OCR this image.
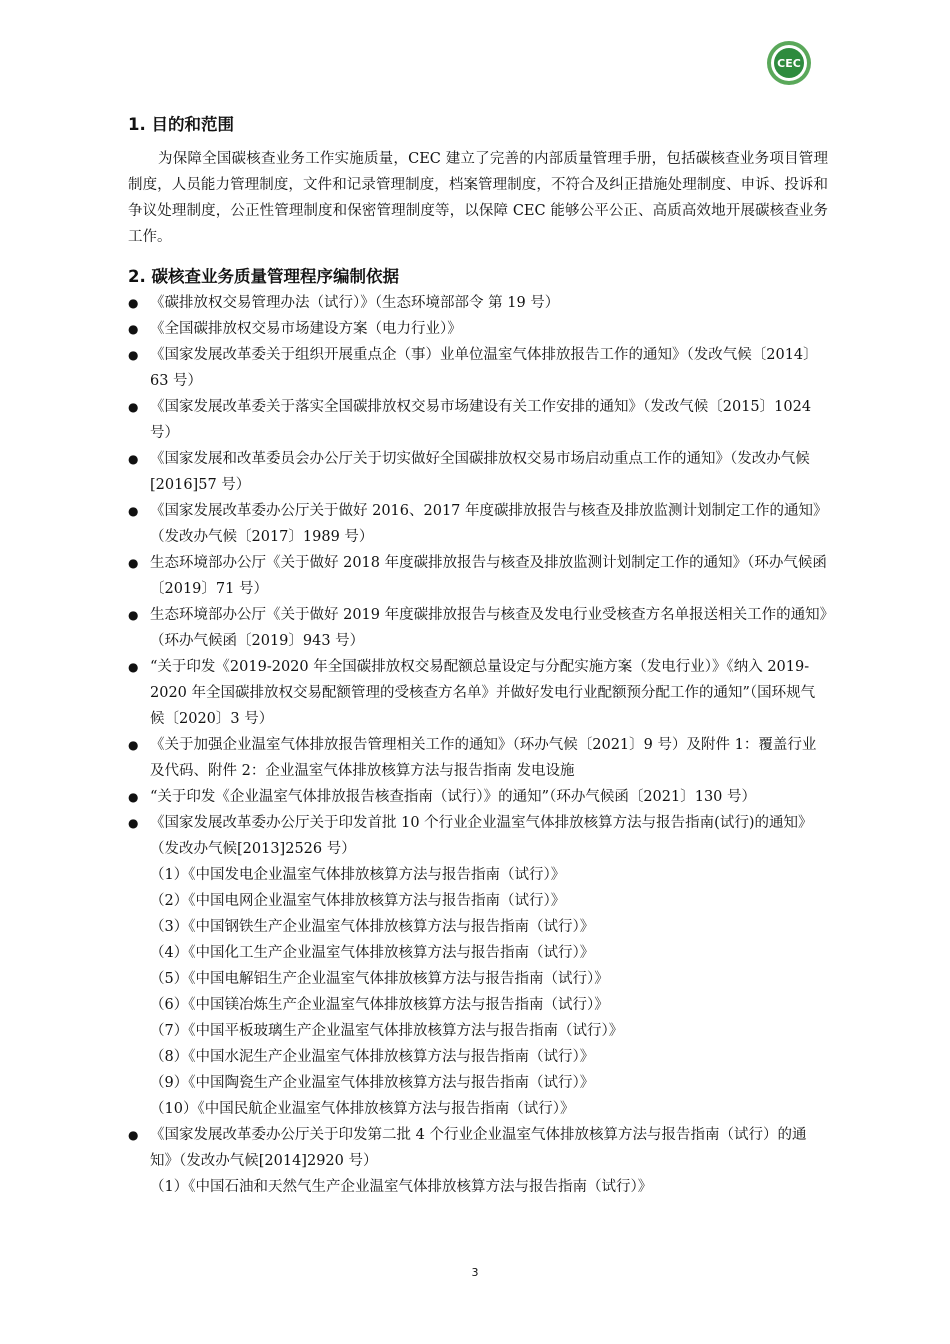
CEC
1. 目的和范围

为保障全国碳核查业务工作实施质量，CEC 建立了完善的内部质量管理手册，包括碳核查业务项目管理制度，人员能力管理制度，文件和记录管理制度，档案管理制度，不符合及纠正措施处理制度、申诉、投诉和争议处理制度，公正性管理制度和保密管理制度等，以保障 CEC 能够公平公正、高质高效地开展碳核查业务工作。

2. 碳核查业务质量管理程序编制依据
● 《碳排放权交易管理办法（试行）》（生态环境部部令 第 19 号）
● 《全国碳排放权交易市场建设方案（电力行业）》
● 《国家发展改革委关于组织开展重点企（事）业单位温室气体排放报告工作的通知》（发改气候〔2014〕63 号）
● 《国家发展改革委关于落实全国碳排放权交易市场建设有关工作安排的通知》（发改气候〔2015〕1024 号）
● 《国家发展和改革委员会办公厅关于切实做好全国碳排放权交易市场启动重点工作的通知》（发改办气候[2016]57 号）
● 《国家发展改革委办公厅关于做好 2016、2017 年度碳排放报告与核查及排放监测计划制定工作的通知》（发改办气候〔2017〕1989 号）
● 生态环境部办公厅《关于做好 2018 年度碳排放报告与核查及排放监测计划制定工作的通知》（环办气候函〔2019〕71 号）
● 生态环境部办公厅《关于做好 2019 年度碳排放报告与核查及发电行业受核查方名单报送相关工作的通知》（环办气候函〔2019〕943 号）
● “关于印发《2019-2020 年全国碳排放权交易配额总量设定与分配实施方案（发电行业）》《纳入 2019-2020 年全国碳排放权交易配额管理的受核查方名单》并做好发电行业配额预分配工作的通知”（国环规气候〔2020〕3 号）
● 《关于加强企业温室气体排放报告管理相关工作的通知》（环办气候〔2021〕9 号）及附件 1：覆盖行业及代码、附件 2：企业温室气体排放核算方法与报告指南 发电设施
● “关于印发《企业温室气体排放报告核查指南（试行）》的通知”（环办气候函〔2021〕130 号）
● 《国家发展改革委办公厅关于印发首批 10 个行业企业温室气体排放核算方法与报告指南(试行)的通知》（发改办气候[2013]2526 号）
（1）《中国发电企业温室气体排放核算方法与报告指南（试行）》
（2）《中国电网企业温室气体排放核算方法与报告指南（试行）》
（3）《中国钢铁生产企业温室气体排放核算方法与报告指南（试行）》
（4）《中国化工生产企业温室气体排放核算方法与报告指南（试行）》
（5）《中国电解铝生产企业温室气体排放核算方法与报告指南（试行）》
（6）《中国镁冶炼生产企业温室气体排放核算方法与报告指南（试行）》
（7）《中国平板玻璃生产企业温室气体排放核算方法与报告指南（试行）》
（8）《中国水泥生产企业温室气体排放核算方法与报告指南（试行）》
（9）《中国陶瓷生产企业温室气体排放核算方法与报告指南（试行）》
（10）《中国民航企业温室气体排放核算方法与报告指南（试行）》
● 《国家发展改革委办公厅关于印发第二批 4 个行业企业温室气体排放核算方法与报告指南（试行）的通知》（发改办气候[2014]2920 号）
（1）《中国石油和天然气生产企业温室气体排放核算方法与报告指南（试行）》
3
